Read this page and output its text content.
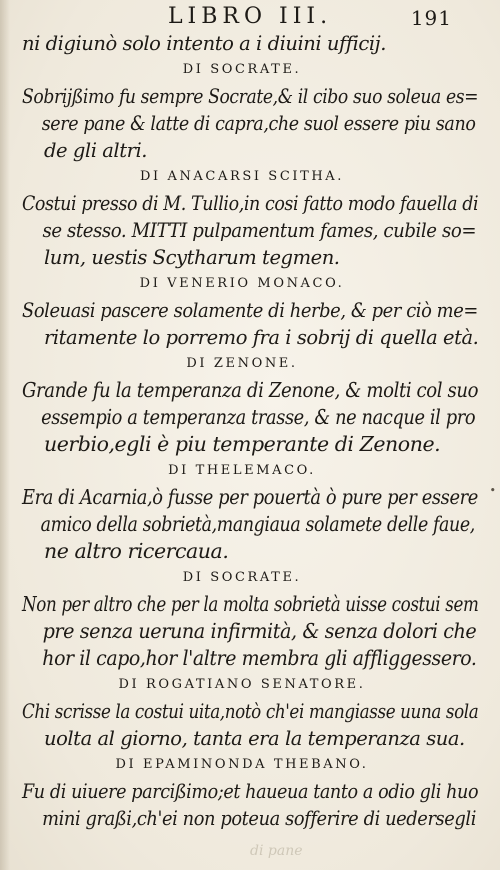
LIBRO III.	191
ni digiunò solo intento a i diuini ufficij.
DI SOCRATE.
Sobrijßimo fu sempre Socrate,& il cibo suo soleua es=
sere pane & latte di capra,che suol essere piu sano
de gli altri.
DI ANACARSI SCITHA.
Costui presso di M. Tullio,in cosi fatto modo fauella di
se stesso. MITTI pulpamentum fames, cubile so=
lum, uestis Scytharum tegmen.
DI VENERIO MONACO.
Soleuasi pascere solamente di herbe, & per ciò me=
ritamente lo porremo fra i sobrij di quella età.
DI ZENONE.
Grande fu la temperanza di Zenone, & molti col suo
essempio a temperanza trasse, & ne nacque il pro
uerbio,egli è piu temperante di Zenone.
DI THELEMACO.
Era di Acarnia,ò fusse per pouertà ò pure per essere
amico della sobrietà,mangiaua solamete delle faue,
ne altro ricercaua.
DI SOCRATE.
Non per altro che per la molta sobrietà uisse costui sem
pre senza ueruna infirmità, & senza dolori che
hor il capo,hor l'altre membra gli affliggessero.
DI ROGATIANO SENATORE.
Chi scrisse la costui uita,notò ch'ei mangiasse uuna sola
uolta al giorno, tanta era la temperanza sua.
DI EPAMINONDA THEBANO.
Fu di uiuere parcißimo;et haueua tanto a odio gli huo
mini graßi,ch'ei non poteua sofferire di uedersegli
•
di pane
